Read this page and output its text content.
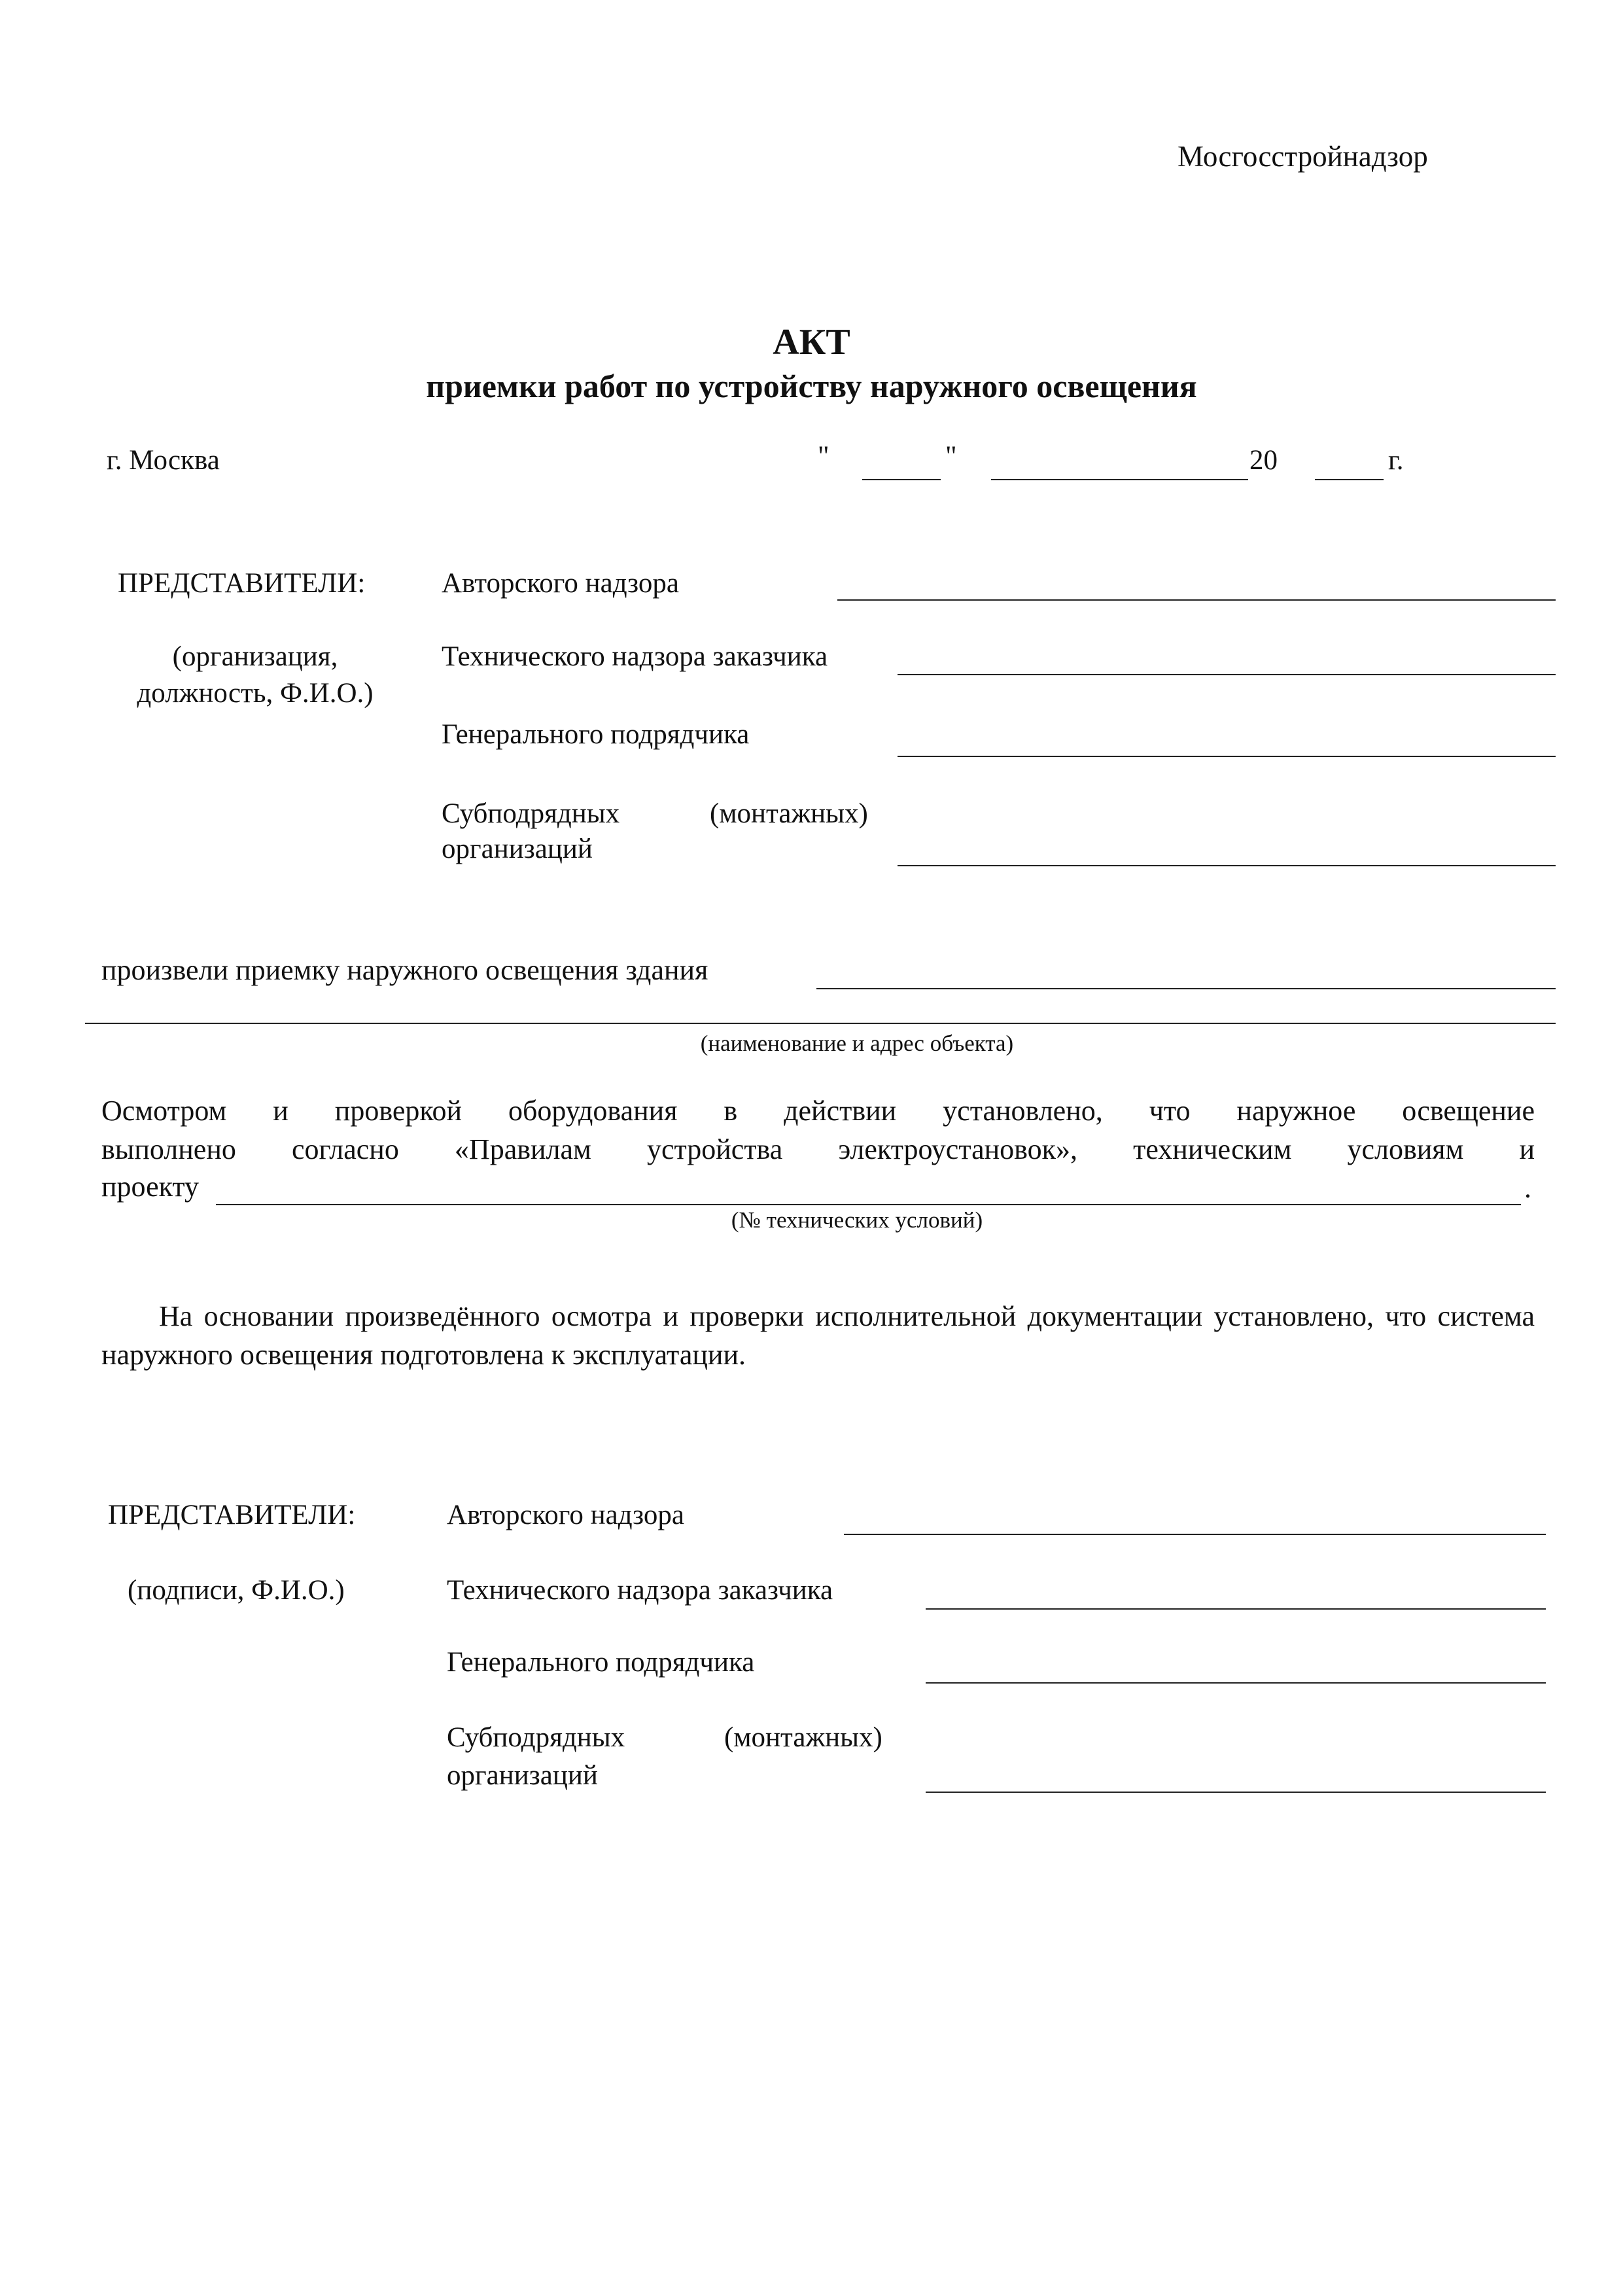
Мосгосстройнадзор
АКТ
приемки работ по устройству наружного освещения
г. Москва	"	"	20	г.
ПРЕДСТАВИТЕЛИ:
(организация,
должность, Ф.И.О.)
Авторского надзора
Технического надзора заказчика
Генерального подрядчика
Субподрядных	(монтажных)
организаций
произвели приемку наружного освещения здания
(наименование и адрес объекта)
Осмотром и проверкой оборудования в действии установлено, что наружное освещение
выполнено согласно «Правилам устройства электроустановок», техническим условиям и
проекту	.
(№ технических условий)
На основании произведённого осмотра и проверки исполнительной документации установлено, что система наружного освещения подготовлена к эксплуатации.
ПРЕДСТАВИТЕЛИ:
(подписи, Ф.И.О.)
Авторского надзора
Технического надзора заказчика
Генерального подрядчика
Субподрядных	(монтажных)
организаций
